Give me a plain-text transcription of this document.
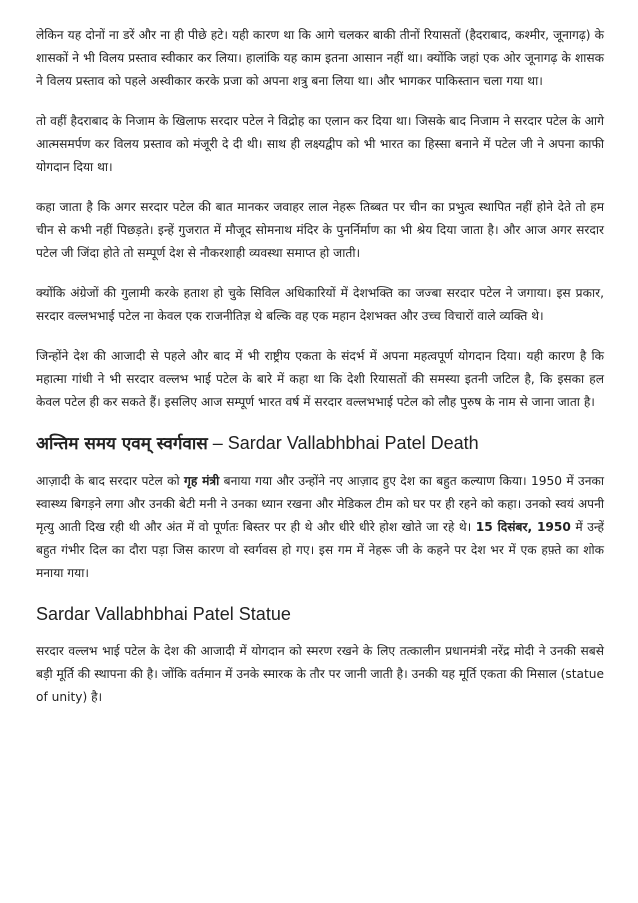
लेकिन यह दोनों ना डरें और ना ही पीछे हटे। यही कारण था कि आगे चलकर बाकी तीनों रियासतों (हैदराबाद, कश्मीर, जूनागढ़) के शासकों ने भी विलय प्रस्ताव स्वीकार कर लिया। हालांकि यह काम इतना आसान नहीं था। क्योंकि जहां एक ओर जूनागढ़ के शासक ने विलय प्रस्ताव को पहले अस्वीकार करके प्रजा को अपना शत्रु बना लिया था। और भागकर पाकिस्तान चला गया था।

तो वहीं हैदराबाद के निजाम के खिलाफ सरदार पटेल ने विद्रोह का एलान कर दिया था। जिसके बाद निजाम ने सरदार पटेल के आगे आत्मसमर्पण कर विलय प्रस्ताव को मंजूरी दे दी थी। साथ ही लक्ष्यद्वीप को भी भारत का हिस्सा बनाने में पटेल जी ने अपना काफी योगदान दिया था।

कहा जाता है कि अगर सरदार पटेल की बात मानकर जवाहर लाल नेहरू तिब्बत पर चीन का प्रभुत्व स्थापित नहीं होने देते तो हम चीन से कभी नहीं पिछड़ते। इन्हें गुजरात में मौजूद सोमनाथ मंदिर के पुनर्निर्माण का भी श्रेय दिया जाता है। और आज अगर सरदार पटेल जी जिंदा होते तो सम्पूर्ण देश से नौकरशाही व्यवस्था समाप्त हो जाती।

क्योंकि अंग्रेजों की गुलामी करके हताश हो चुके सिविल अधिकारियों में देशभक्ति का जज्बा सरदार पटेल ने जगाया। इस प्रकार, सरदार वल्लभभाई पटेल ना केवल एक राजनीतिज्ञ थे बल्कि वह एक महान देशभक्त और उच्च विचारों वाले व्यक्ति थे।

जिन्होंने देश की आजादी से पहले और बाद में भी राष्ट्रीय एकता के संदर्भ में अपना महत्वपूर्ण योगदान दिया। यही कारण है कि महात्मा गांधी ने भी सरदार वल्लभ भाई पटेल के बारे में कहा था कि देशी रियासतों की समस्या इतनी जटिल है, कि इसका हल केवल पटेल ही कर सकते हैं। इसलिए आज सम्पूर्ण भारत वर्ष में सरदार वल्लभभाई पटेल को लौह पुरुष के नाम से जाना जाता है।

अन्तिम समय एवम् स्वर्गवास – Sardar Vallabhbhai Patel Death

आज़ादी के बाद सरदार पटेल को गृह मंत्री बनाया गया और उन्होंने नए आज़ाद हुए देश का बहुत कल्याण किया। 1950 में उनका स्वास्थ्य बिगड़ने लगा और उनकी बेटी मनी ने उनका ध्यान रखना और मेडिकल टीम को घर पर ही रहने को कहा। उनको स्वयं अपनी मृत्यु आती दिख रही थी और अंत में वो पूर्णतः बिस्तर पर ही थे और धीरे धीरे होश खोते जा रहे थे। 15 दिसंबर, 1950 में उन्हें बहुत गंभीर दिल का दौरा पड़ा जिस कारण वो स्वर्गवस हो गए। इस गम में नेहरू जी के कहने पर देश भर में एक हफ़्ते का शोक मनाया गया।

Sardar Vallabhbhai Patel Statue

सरदार वल्लभ भाई पटेल के देश की आजादी में योगदान को स्मरण रखने के लिए तत्कालीन प्रधानमंत्री नरेंद्र मोदी ने उनकी सबसे बड़ी मूर्ति की स्थापना की है। जोंकि वर्तमान में उनके स्मारक के तौर पर जानी जाती है। उनकी यह मूर्ति एकता की मिसाल (statue of unity) है।
